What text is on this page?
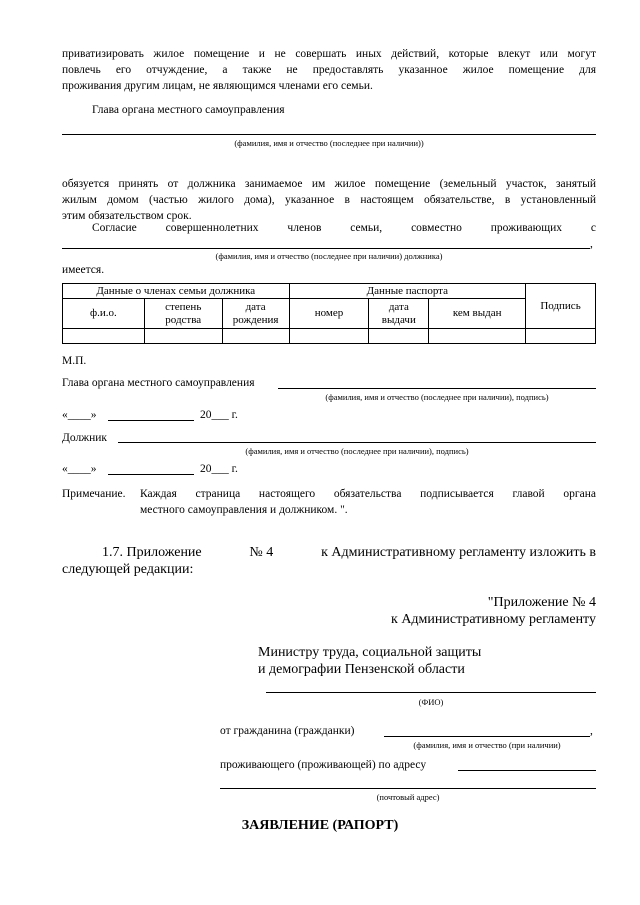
приватизировать жилое помещение и не совершать иных действий, которые влекут или могут
повлечь его отчуждение, а также не предоставлять указанное жилое помещение для
проживания другим лицам, не являющимся членами его семьи.
Глава органа местного самоуправления
(фамилия, имя и отчество (последнее при наличии))
обязуется принять от должника занимаемое им жилое помещение (земельный участок, занятый
жилым домом (частью жилого дома), указанное в настоящем обязательстве, в установленный
этим обязательством срок.
Согласие	совершеннолетних	членов	семьи,	совместно	проживающих	с
,
(фамилия, имя и отчество (последнее при наличии) должника)
имеется.
Данные о членах семьи должника			Данные паспорта			Подпись
ф.и.о.	степень родства	дата рождения	номер	дата выдачи	кем выдан	

М.П.
Глава органа местного самоуправления
(фамилия, имя и отчество (последнее при наличии), подпись)
«____»	20___ г.
Должник
(фамилия, имя и отчество (последнее при наличии), подпись)
«____»	20___ г.
Примечание. Каждая страница настоящего обязательства подписывается главой органа
местного самоуправления и должником. ".
1.7. Приложение	№ 4	к Административному регламенту изложить в
следующей редакции:
"Приложение № 4
к Административному регламенту
Министру труда, социальной защиты
и демографии Пензенской области
(ФИО)
от гражданина (гражданки)	,
(фамилия, имя и отчество (при наличии)
проживающего (проживающей) по адресу
(почтовый адрес)
ЗАЯВЛЕНИЕ (РАПОРТ)
